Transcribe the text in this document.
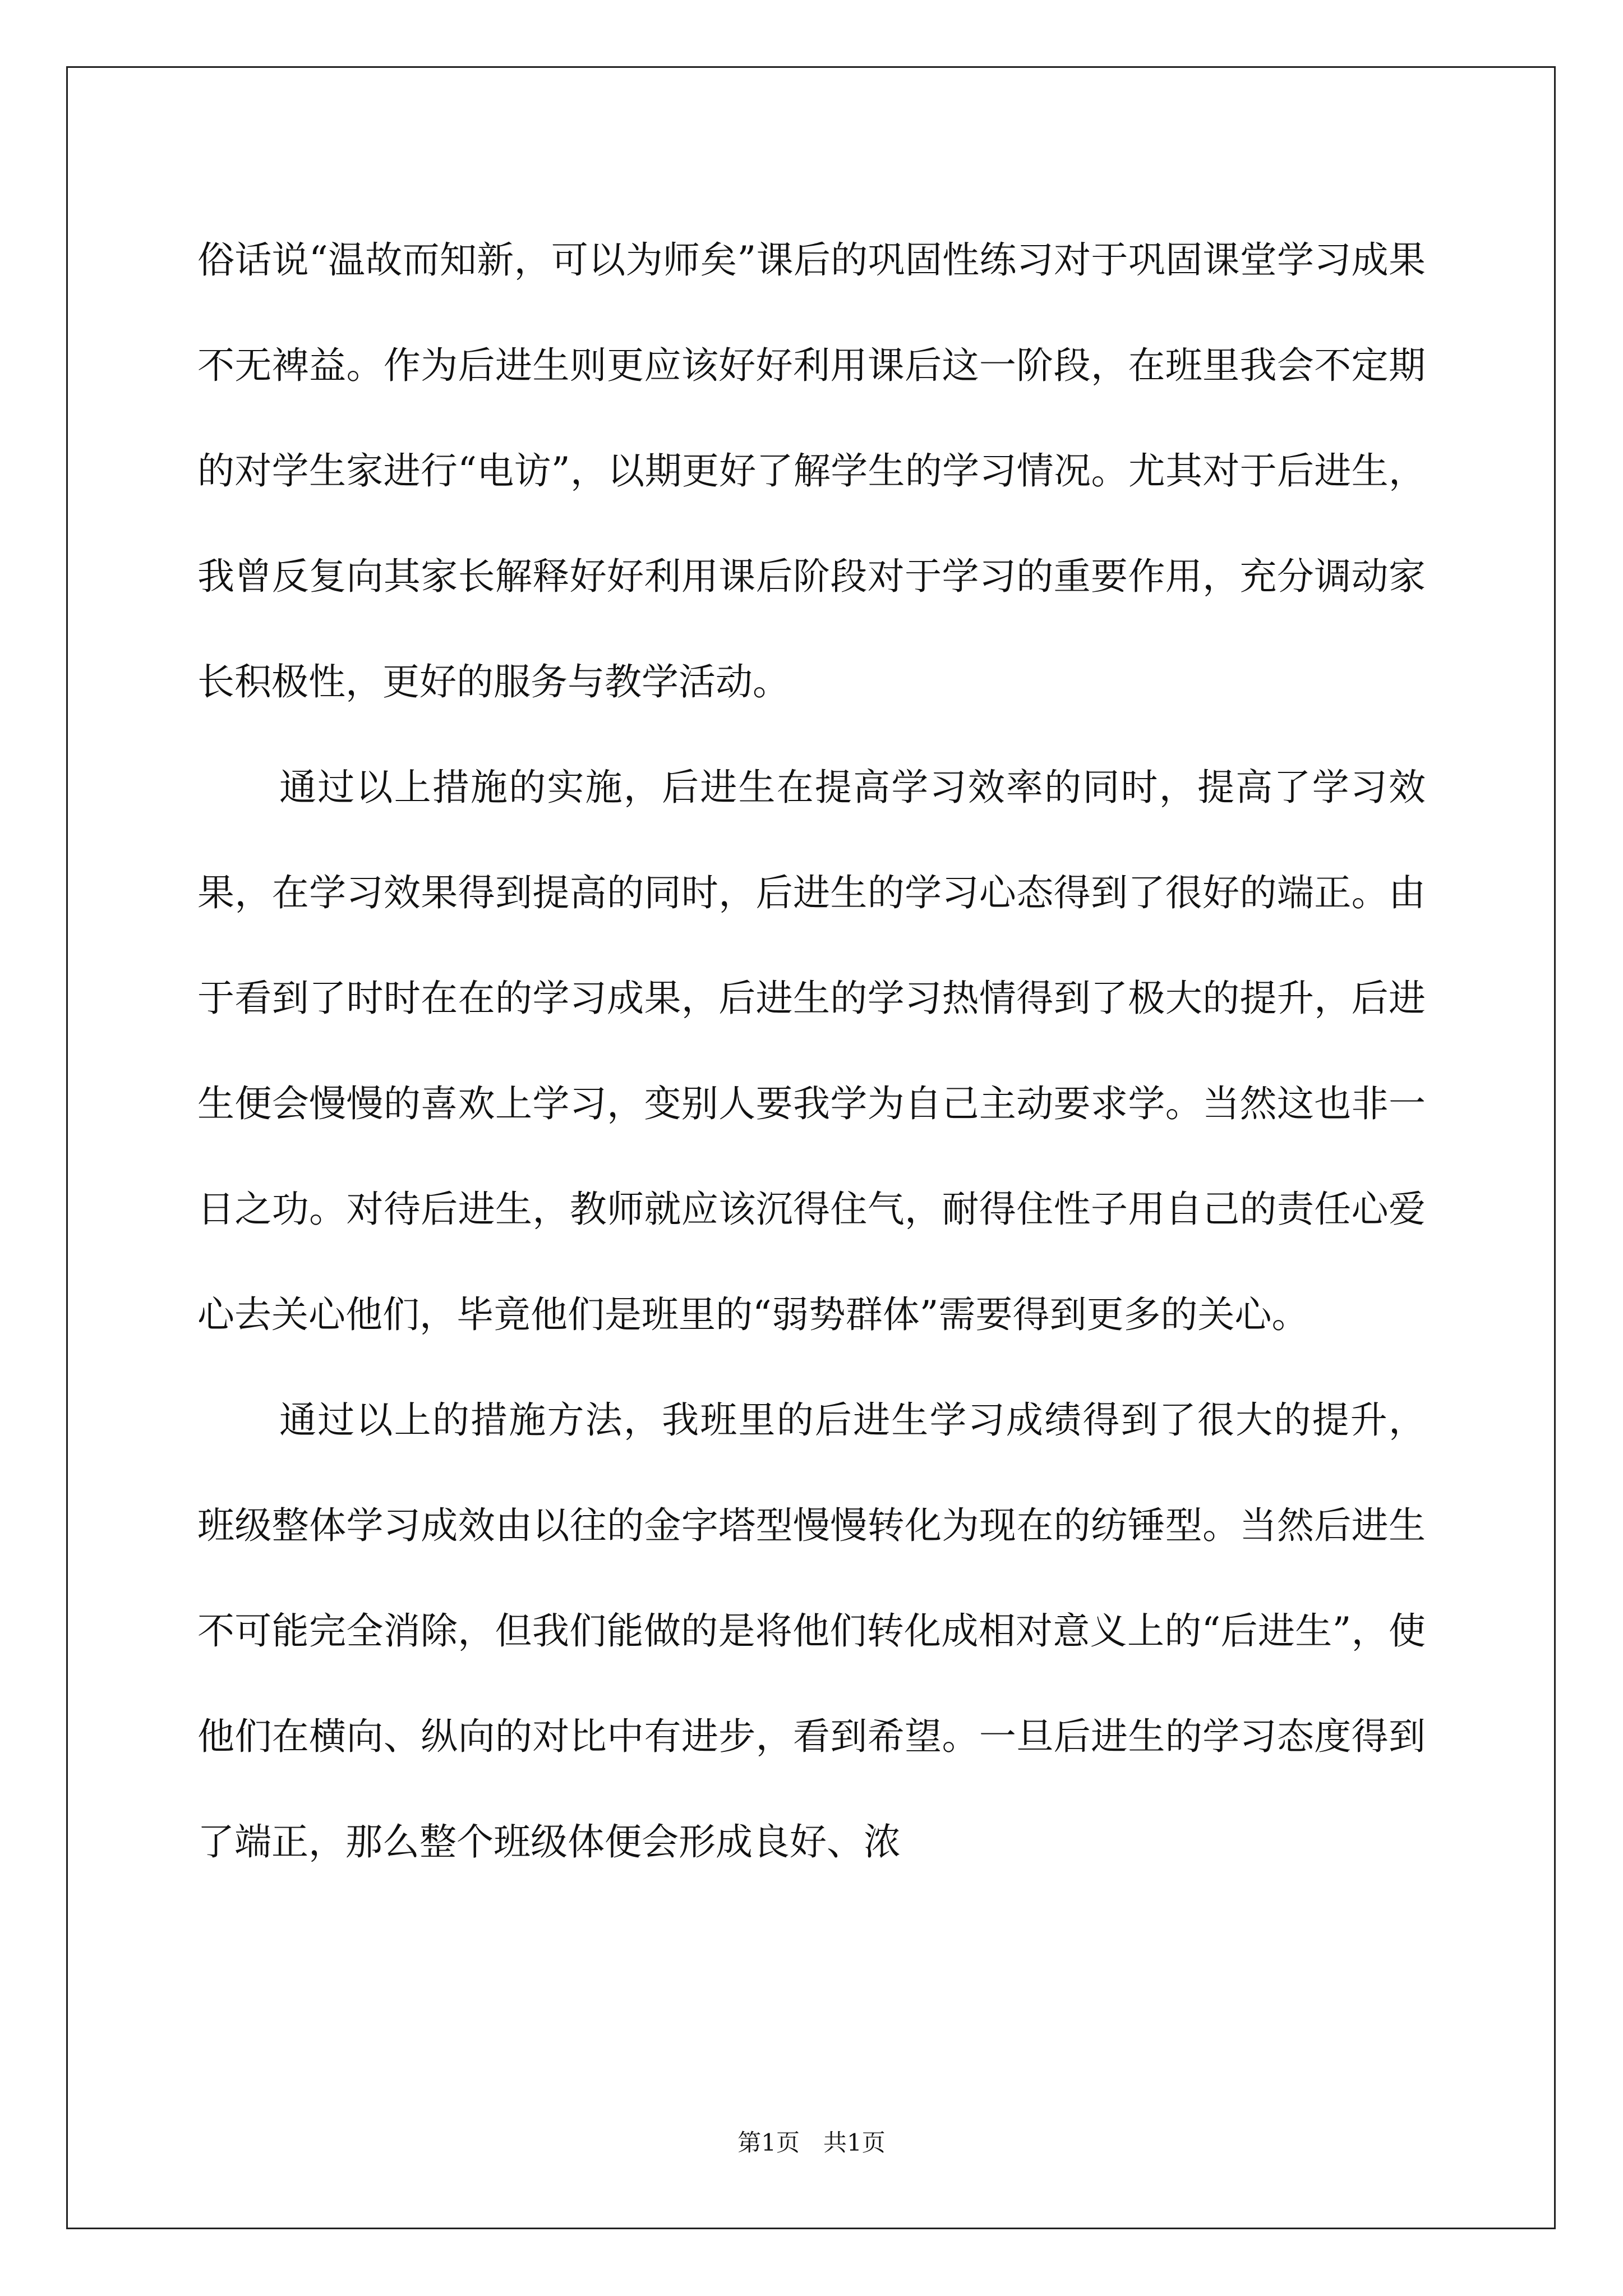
俗话说“温故而知新，可以为师矣”课后的巩固性练习对于巩固课堂学习成果不无裨益。作为后进生则更应该好好利用课后这一阶段，在班里我会不定期的对学生家进行“电访”，以期更好了解学生的学习情况。尤其对于后进生，我曾反复向其家长解释好好利用课后阶段对于学习的重要作用，充分调动家长积极性，更好的服务与教学活动。

通过以上措施的实施，后进生在提高学习效率的同时，提高了学习效果，在学习效果得到提高的同时，后进生的学习心态得到了很好的端正。由于看到了时时在在的学习成果，后进生的学习热情得到了极大的提升，后进生便会慢慢的喜欢上学习，变别人要我学为自己主动要求学。当然这也非一日之功。对待后进生，教师就应该沉得住气，耐得住性子用自己的责任心爱心去关心他们，毕竟他们是班里的“弱势群体”需要得到更多的关心。

通过以上的措施方法，我班里的后进生学习成绩得到了很大的提升，班级整体学习成效由以往的金字塔型慢慢转化为现在的纺锤型。当然后进生不可能完全消除，但我们能做的是将他们转化成相对意义上的“后进生”，使他们在横向、纵向的对比中有进步，看到希望。一旦后进生的学习态度得到了端正，那么整个班级体便会形成良好、浓

第1页　共1页
